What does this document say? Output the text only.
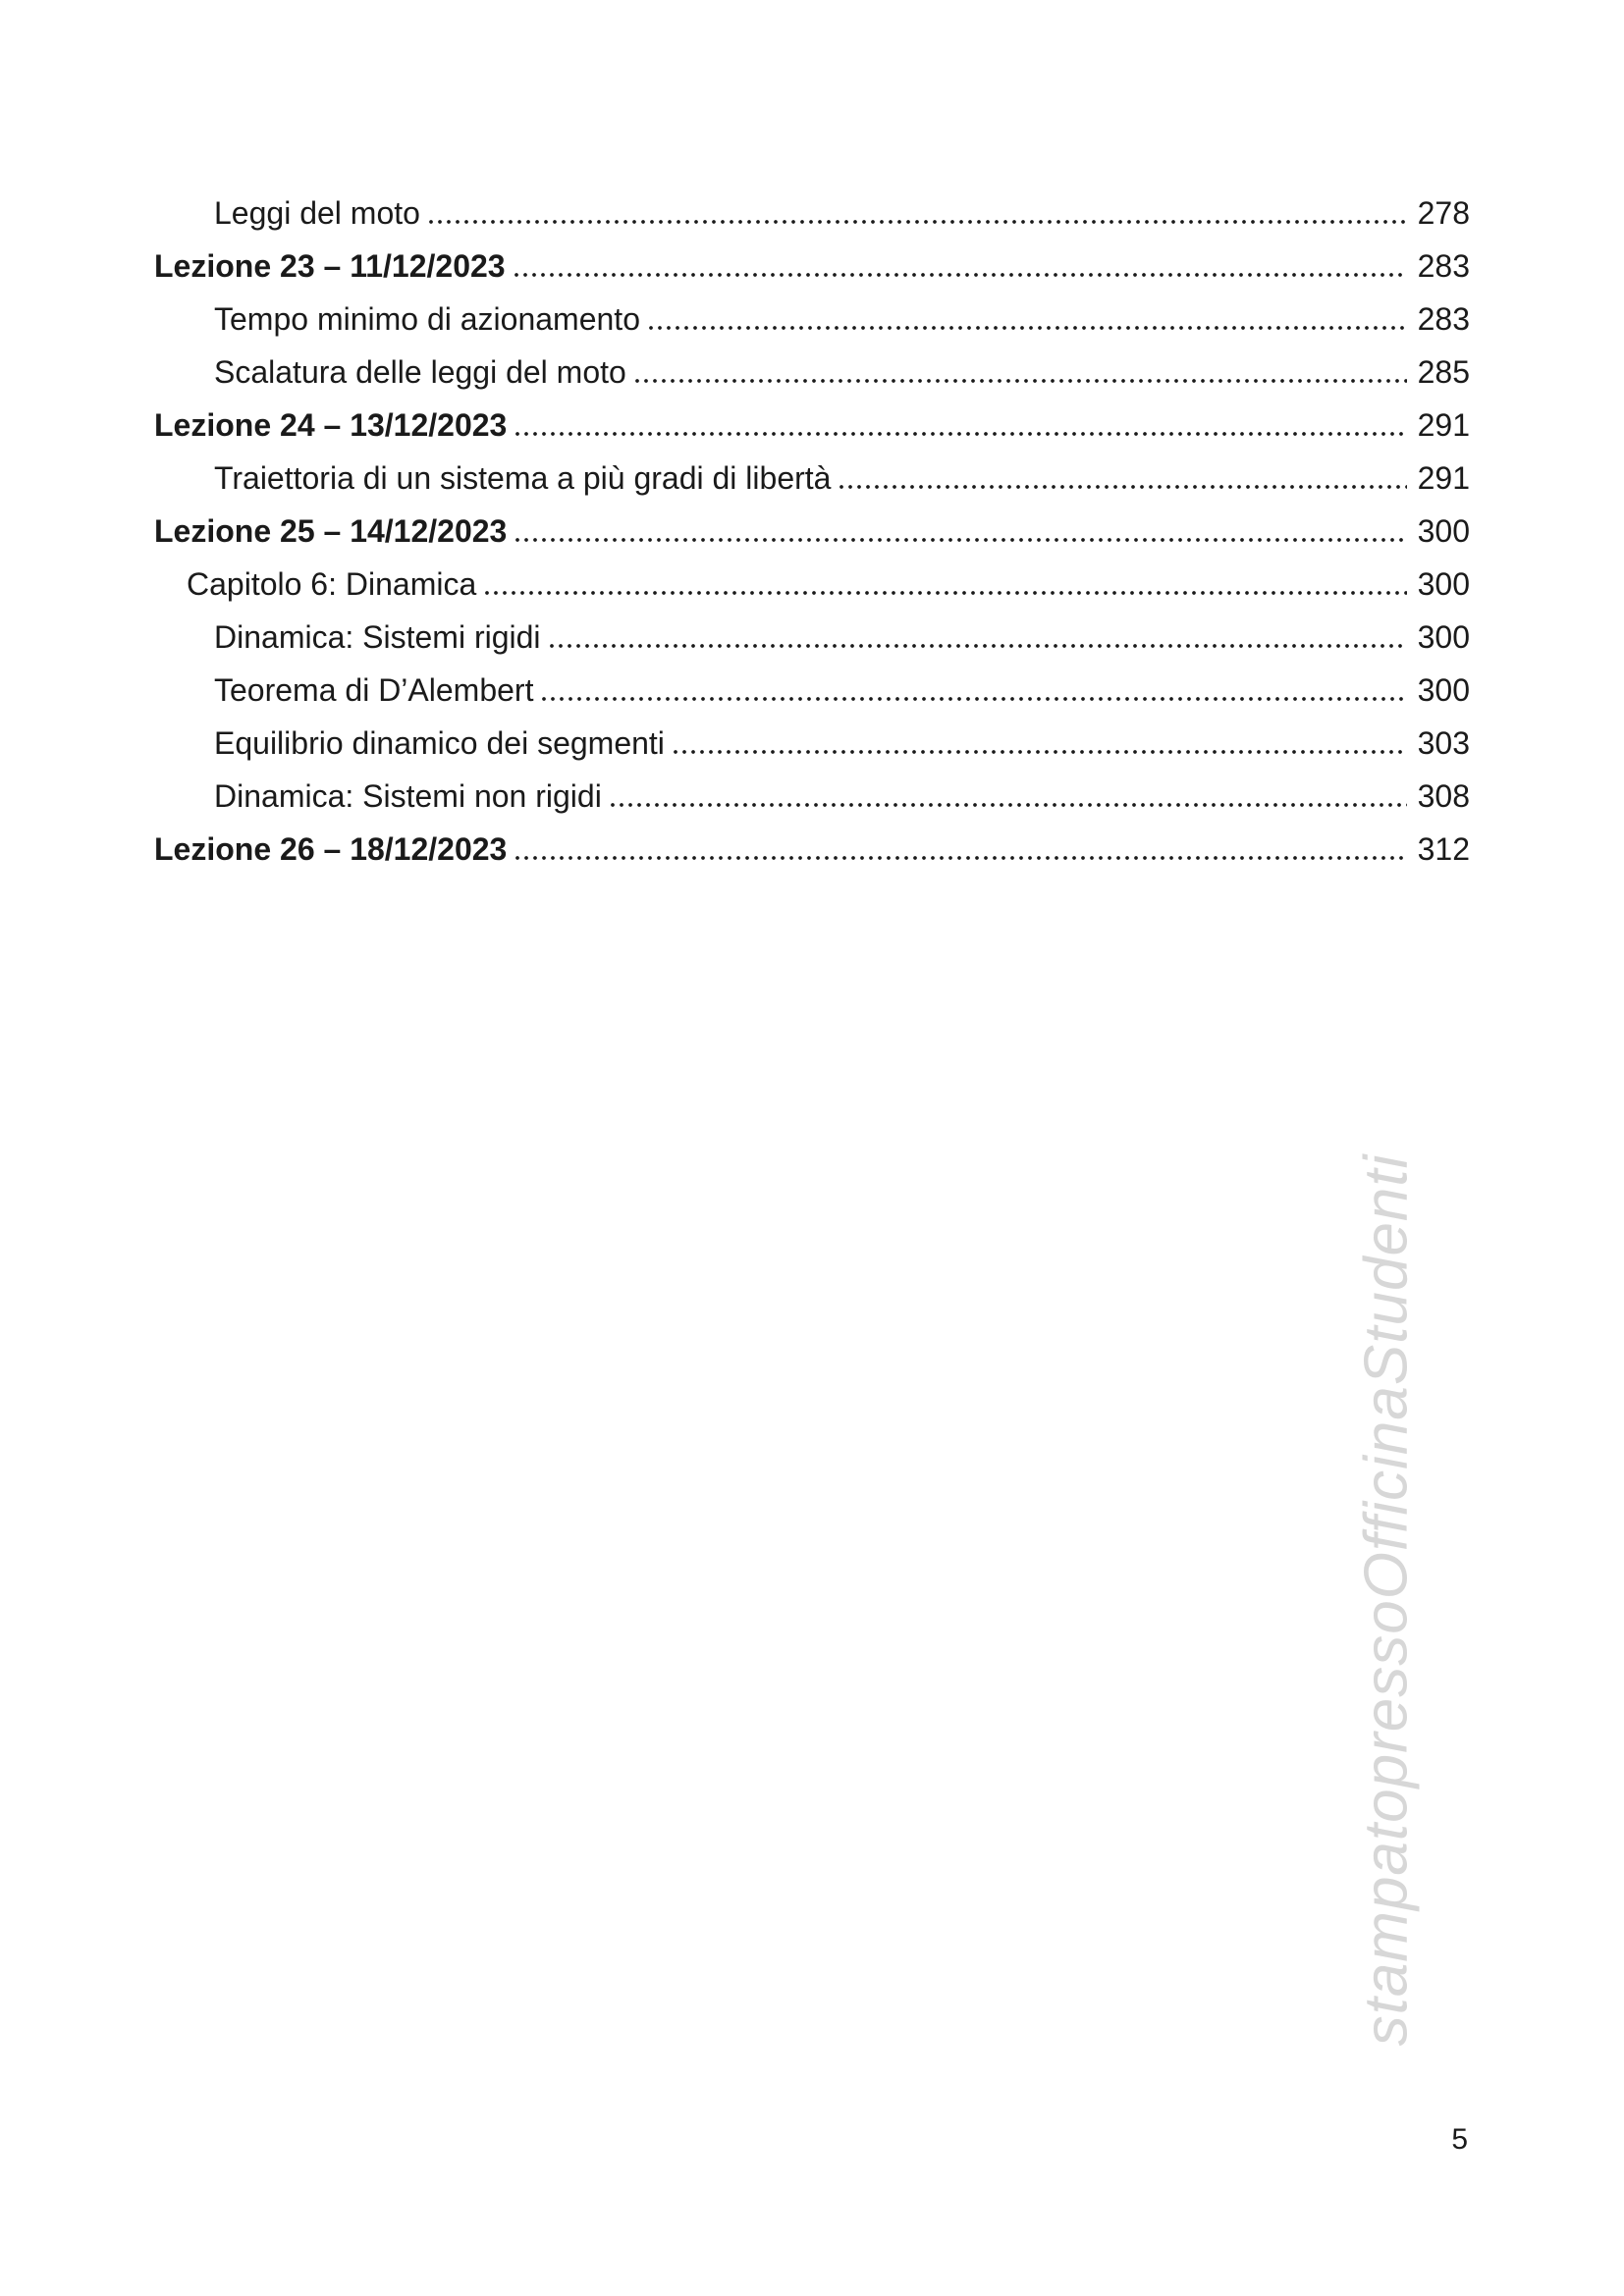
Leggi del moto	278
Lezione 23 – 11/12/2023	283
Tempo minimo di azionamento	283
Scalatura delle leggi del moto	285
Lezione 24 – 13/12/2023	291
Traiettoria di un sistema a più gradi di libertà	291
Lezione 25 – 14/12/2023	300
Capitolo 6: Dinamica	300
Dinamica: Sistemi rigidi	300
Teorema di D’Alembert	300
Equilibrio dinamico dei segmenti	303
Dinamica: Sistemi non rigidi	308
Lezione 26 – 18/12/2023	312
stampatopressoOfficinaStudenti
5
